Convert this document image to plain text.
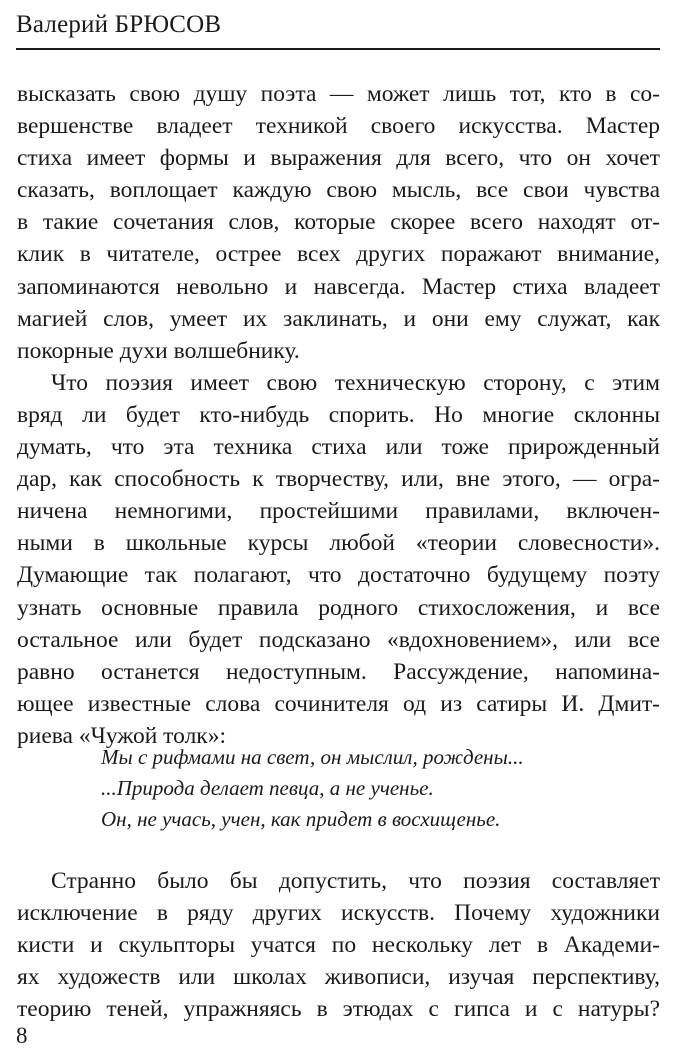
Валерий БРЮСОВ
высказать свою душу поэта — может лишь тот, кто в со-
вершенстве владеет техникой своего искусства. Мастер
стиха имеет формы и выражения для всего, что он хочет
сказать, воплощает каждую свою мысль, все свои чувства
в такие сочетания слов, которые скорее всего находят от-
клик в читателе, острее всех других поражают внимание,
запоминаются невольно и навсегда. Мастер стиха владеет
магией слов, умеет их заклинать, и они ему служат, как
покорные духи волшебнику.
Что поэзия имеет свою техническую сторону, с этим
вряд ли будет кто-нибудь спорить. Но многие склонны
думать, что эта техника стиха или тоже прирожденный
дар, как способность к творчеству, или, вне этого, — огра-
ничена немногими, простейшими правилами, включен-
ными в школьные курсы любой «теории словесности».
Думающие так полагают, что достаточно будущему поэту
узнать основные правила родного стихосложения, и все
остальное или будет подсказано «вдохновением», или все
равно останется недоступным. Рассуждение, напомина-
ющее известные слова сочинителя од из сатиры И. Дмит-
риева «Чужой толк»:
Мы с рифмами на свет, он мыслил, рождены...
...Природа делает певца, а не ученье.
Он, не учась, учен, как придет в восхищенье.
Странно было бы допустить, что поэзия составляет
исключение в ряду других искусств. Почему художники
кисти и скульпторы учатся по нескольку лет в Академи-
ях художеств или школах живописи, изучая перспективу,
теорию теней, упражняясь в этюдах с гипса и с натуры?
8
